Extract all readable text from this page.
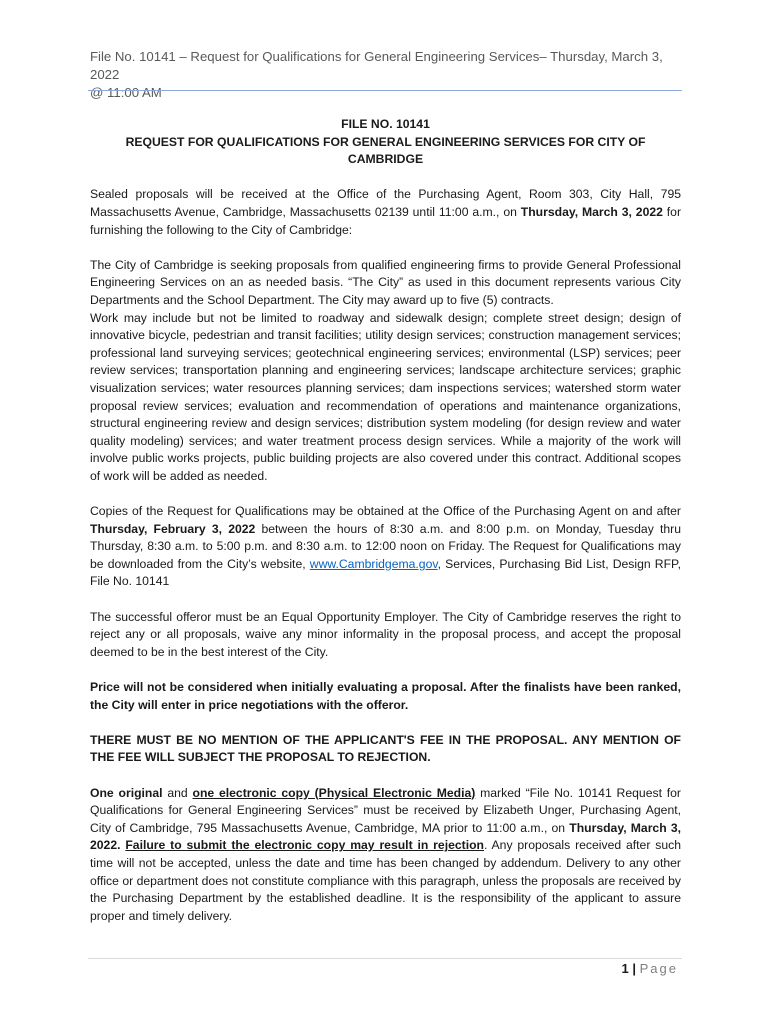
File No. 10141 – Request for Qualifications for General Engineering Services– Thursday, March 3, 2022
@ 11:00 AM

FILE NO. 10141

REQUEST FOR QUALIFICATIONS FOR GENERAL ENGINEERING SERVICES FOR CITY OF CAMBRIDGE

Sealed proposals will be received at the Office of the Purchasing Agent, Room 303, City Hall, 795 Massachusetts Avenue, Cambridge, Massachusetts 02139 until 11:00 a.m., on Thursday, March 3, 2022 for furnishing the following to the City of Cambridge:

The City of Cambridge is seeking proposals from qualified engineering firms to provide General Professional Engineering Services on an as needed basis. “The City” as used in this document represents various City Departments and the School Department. The City may award up to five (5) contracts.

Work may include but not be limited to roadway and sidewalk design; complete street design; design of innovative bicycle, pedestrian and transit facilities; utility design services; construction management services; professional land surveying services; geotechnical engineering services; environmental (LSP) services; peer review services; transportation planning and engineering services; landscape architecture services; graphic visualization services; water resources planning services; dam inspections services; watershed storm water proposal review services; evaluation and recommendation of operations and maintenance organizations, structural engineering review and design services; distribution system modeling (for design review and water quality modeling) services; and water treatment process design services. While a majority of the work will involve public works projects, public building projects are also covered under this contract. Additional scopes of work will be added as needed.

Copies of the Request for Qualifications may be obtained at the Office of the Purchasing Agent on and after Thursday, February 3, 2022 between the hours of 8:30 a.m. and 8:00 p.m. on Monday, Tuesday thru Thursday, 8:30 a.m. to 5:00 p.m. and 8:30 a.m. to 12:00 noon on Friday. The Request for Qualifications may be downloaded from the City’s website, www.Cambridgema.gov, Services, Purchasing Bid List, Design RFP, File No. 10141

The successful offeror must be an Equal Opportunity Employer. The City of Cambridge reserves the right to reject any or all proposals, waive any minor informality in the proposal process, and accept the proposal deemed to be in the best interest of the City.

Price will not be considered when initially evaluating a proposal. After the finalists have been ranked, the City will enter in price negotiations with the offeror.

THERE MUST BE NO MENTION OF THE APPLICANT'S FEE IN THE PROPOSAL. ANY MENTION OF THE FEE WILL SUBJECT THE PROPOSAL TO REJECTION.

One original and one electronic copy (Physical Electronic Media) marked “File No. 10141 Request for Qualifications for General Engineering Services” must be received by Elizabeth Unger, Purchasing Agent, City of Cambridge, 795 Massachusetts Avenue, Cambridge, MA prior to 11:00 a.m., on Thursday, March 3, 2022. Failure to submit the electronic copy may result in rejection. Any proposals received after such time will not be accepted, unless the date and time has been changed by addendum. Delivery to any other office or department does not constitute compliance with this paragraph, unless the proposals are received by the Purchasing Department by the established deadline. It is the responsibility of the applicant to assure proper and timely delivery.

1 | Page
